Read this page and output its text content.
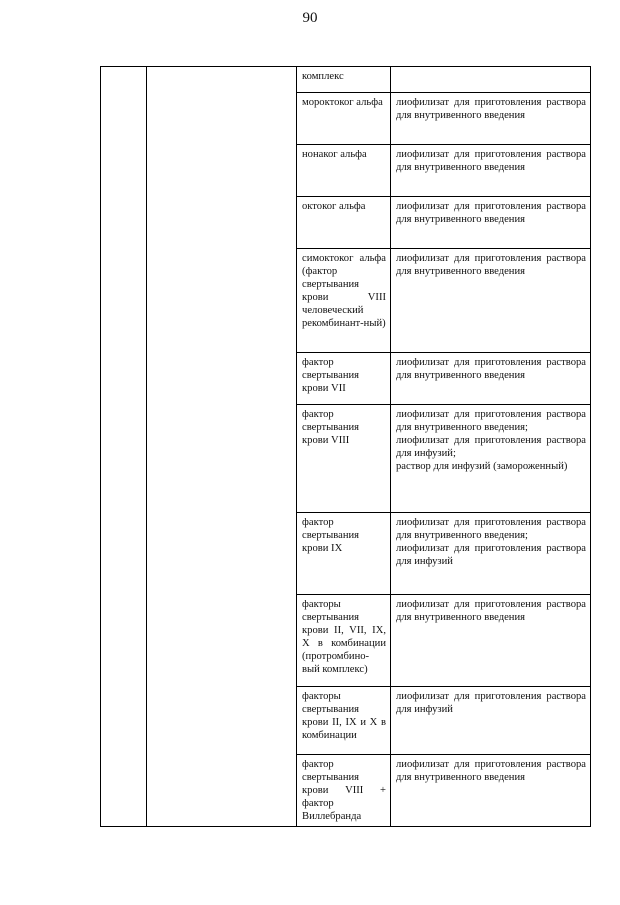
90
		комплекс	
		мороктоког альфа	лиофилизат для приготовления раствора для внутривенного введения

		нонаког альфа	лиофилизат для приготовления раствора для внутривенного введения

		октоког альфа	лиофилизат для приготовления раствора для внутривенного введения

		симоктоког альфа (фактор свертывания крови VIII человеческий рекомбинант-ный)	лиофилизат для приготовления раствора для внутривенного введения

		фактор свертывания крови VII	лиофилизат для приготовления раствора для внутривенного введения

		фактор свертывания крови VIII	лиофилизат для приготовления раствора для внутривенного введения;
лиофилизат для приготовления раствора для инфузий;
раствор для инфузий (замороженный)

		фактор свертывания крови IX	лиофилизат для приготовления раствора для внутривенного введения;
лиофилизат для приготовления раствора для инфузий

		факторы свертывания крови II, VII, IX, X в комбинации (протромбино-вый комплекс)	лиофилизат для приготовления раствора для внутривенного введения

		факторы свертывания крови II, IX и X в комбинации	лиофилизат для приготовления раствора для инфузий

		фактор свертывания крови VIII + фактор Виллебранда	лиофилизат для приготовления раствора для внутривенного введения
